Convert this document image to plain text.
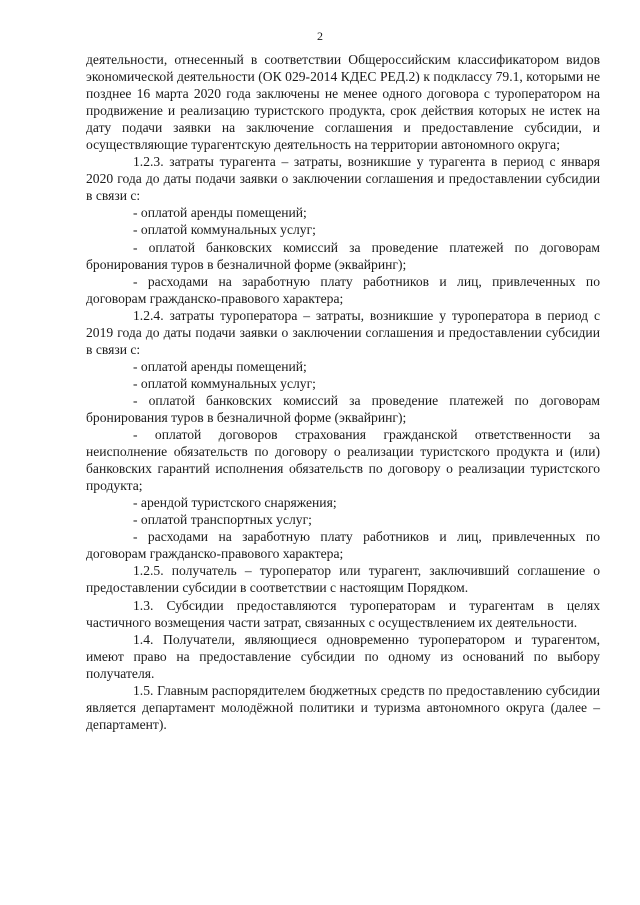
2

деятельности, отнесенный в соответствии Общероссийским классификатором видов экономической деятельности (ОК 029-2014 КДЕС РЕД.2) к подклассу 79.1, которыми не позднее 16 марта 2020 года заключены не менее одного договора с туроператором на продвижение и реализацию туристского продукта, срок действия которых не истек на дату подачи заявки на заключение соглашения и предоставление субсидии, и осуществляющие турагентскую деятельность на территории автономного округа;

1.2.3. затраты турагента – затраты, возникшие у турагента в период с января 2020 года до даты подачи заявки о заключении соглашения и предоставлении субсидии в связи с:

- оплатой аренды помещений;

- оплатой коммунальных услуг;

- оплатой банковских комиссий за проведение платежей по договорам бронирования туров в безналичной форме (эквайринг);

- расходами на заработную плату работников и лиц, привлеченных по договорам гражданско-правового характера;

1.2.4. затраты туроператора – затраты, возникшие у туроператора в период с 2019 года до даты подачи заявки о заключении соглашения и предоставлении субсидии в связи с:

- оплатой аренды помещений;

- оплатой коммунальных услуг;

- оплатой банковских комиссий за проведение платежей по договорам бронирования туров в безналичной форме (эквайринг);

- оплатой договоров страхования гражданской ответственности за неисполнение обязательств по договору о реализации туристского продукта и (или) банковских гарантий исполнения обязательств по договору о реализации туристского продукта;

- арендой туристского снаряжения;

- оплатой транспортных услуг;

- расходами на заработную плату работников и лиц, привлеченных по договорам гражданско-правового характера;

1.2.5. получатель – туроператор или турагент, заключивший соглашение о предоставлении субсидии в соответствии с настоящим Порядком.

1.3. Субсидии предоставляются туроператорам и турагентам в целях частичного возмещения части затрат, связанных с осуществлением их деятельности.

1.4. Получатели, являющиеся одновременно туроператором и турагентом, имеют право на предоставление субсидии по одному из оснований по выбору получателя.

1.5. Главным распорядителем бюджетных средств по предоставлению субсидии является департамент молодёжной политики и туризма автономного округа (далее – департамент).
